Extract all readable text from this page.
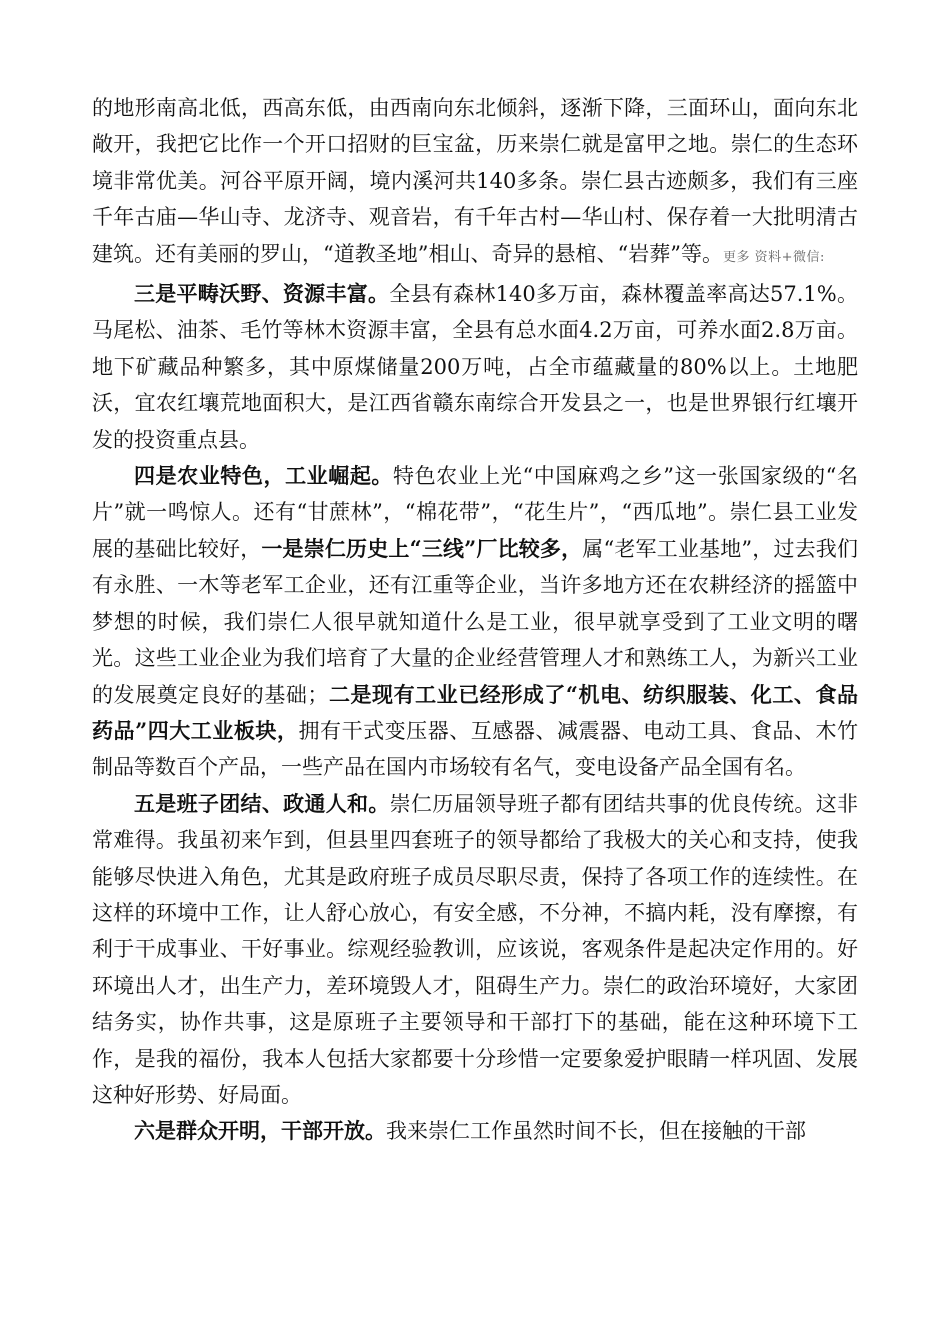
的地形南高北低，西高东低，由西南向东北倾斜，逐渐下降，三面环山，面向东北敞开，我把它比作一个开口招财的巨宝盆，历来崇仁就是富甲之地。崇仁的生态环境非常优美。河谷平原开阔，境内溪河共140多条。崇仁县古迹颇多，我们有三座千年古庙—华山寺、龙济寺、观音岩，有千年古村—华山村、保存着一大批明清古建筑。还有美丽的罗山，“道教圣地”相山、奇异的悬棺、“岩葬”等。更多 资料+微信:

三是平畴沃野、资源丰富。全县有森林140多万亩，森林覆盖率高达57.1%。马尾松、油茶、毛竹等林木资源丰富，全县有总水面4.2万亩，可养水面2.8万亩。地下矿藏品种繁多，其中原煤储量200万吨，占全市蕴藏量的80%以上。土地肥沃，宜农红壤荒地面积大，是江西省赣东南综合开发县之一，也是世界银行红壤开发的投资重点县。

四是农业特色，工业崛起。特色农业上光“中国麻鸡之乡”这一张国家级的“名片”就一鸣惊人。还有“甘蔗林”，“棉花带”，“花生片”，“西瓜地”。崇仁县工业发展的基础比较好，一是崇仁历史上“三线”厂比较多，属“老军工业基地”，过去我们有永胜、一木等老军工企业，还有江重等企业，当许多地方还在农耕经济的摇篮中梦想的时候，我们崇仁人很早就知道什么是工业，很早就享受到了工业文明的曙光。这些工业企业为我们培育了大量的企业经营管理人才和熟练工人，为新兴工业的发展奠定良好的基础；二是现有工业已经形成了“机电、纺织服装、化工、食品药品”四大工业板块，拥有干式变压器、互感器、减震器、电动工具、食品、木竹制品等数百个产品，一些产品在国内市场较有名气，变电设备产品全国有名。

五是班子团结、政通人和。崇仁历届领导班子都有团结共事的优良传统。这非常难得。我虽初来乍到，但县里四套班子的领导都给了我极大的关心和支持，使我能够尽快进入角色，尤其是政府班子成员尽职尽责，保持了各项工作的连续性。在这样的环境中工作，让人舒心放心，有安全感，不分神，不搞内耗，没有摩擦，有利于干成事业、干好事业。综观经验教训，应该说，客观条件是起决定作用的。好环境出人才，出生产力，差环境毁人才，阻碍生产力。崇仁的政治环境好，大家团结务实，协作共事，这是原班子主要领导和干部打下的基础，能在这种环境下工作，是我的福份，我本人包括大家都要十分珍惜一定要象爱护眼睛一样巩固、发展这种好形势、好局面。

六是群众开明，干部开放。我来崇仁工作虽然时间不长，但在接触的干部
